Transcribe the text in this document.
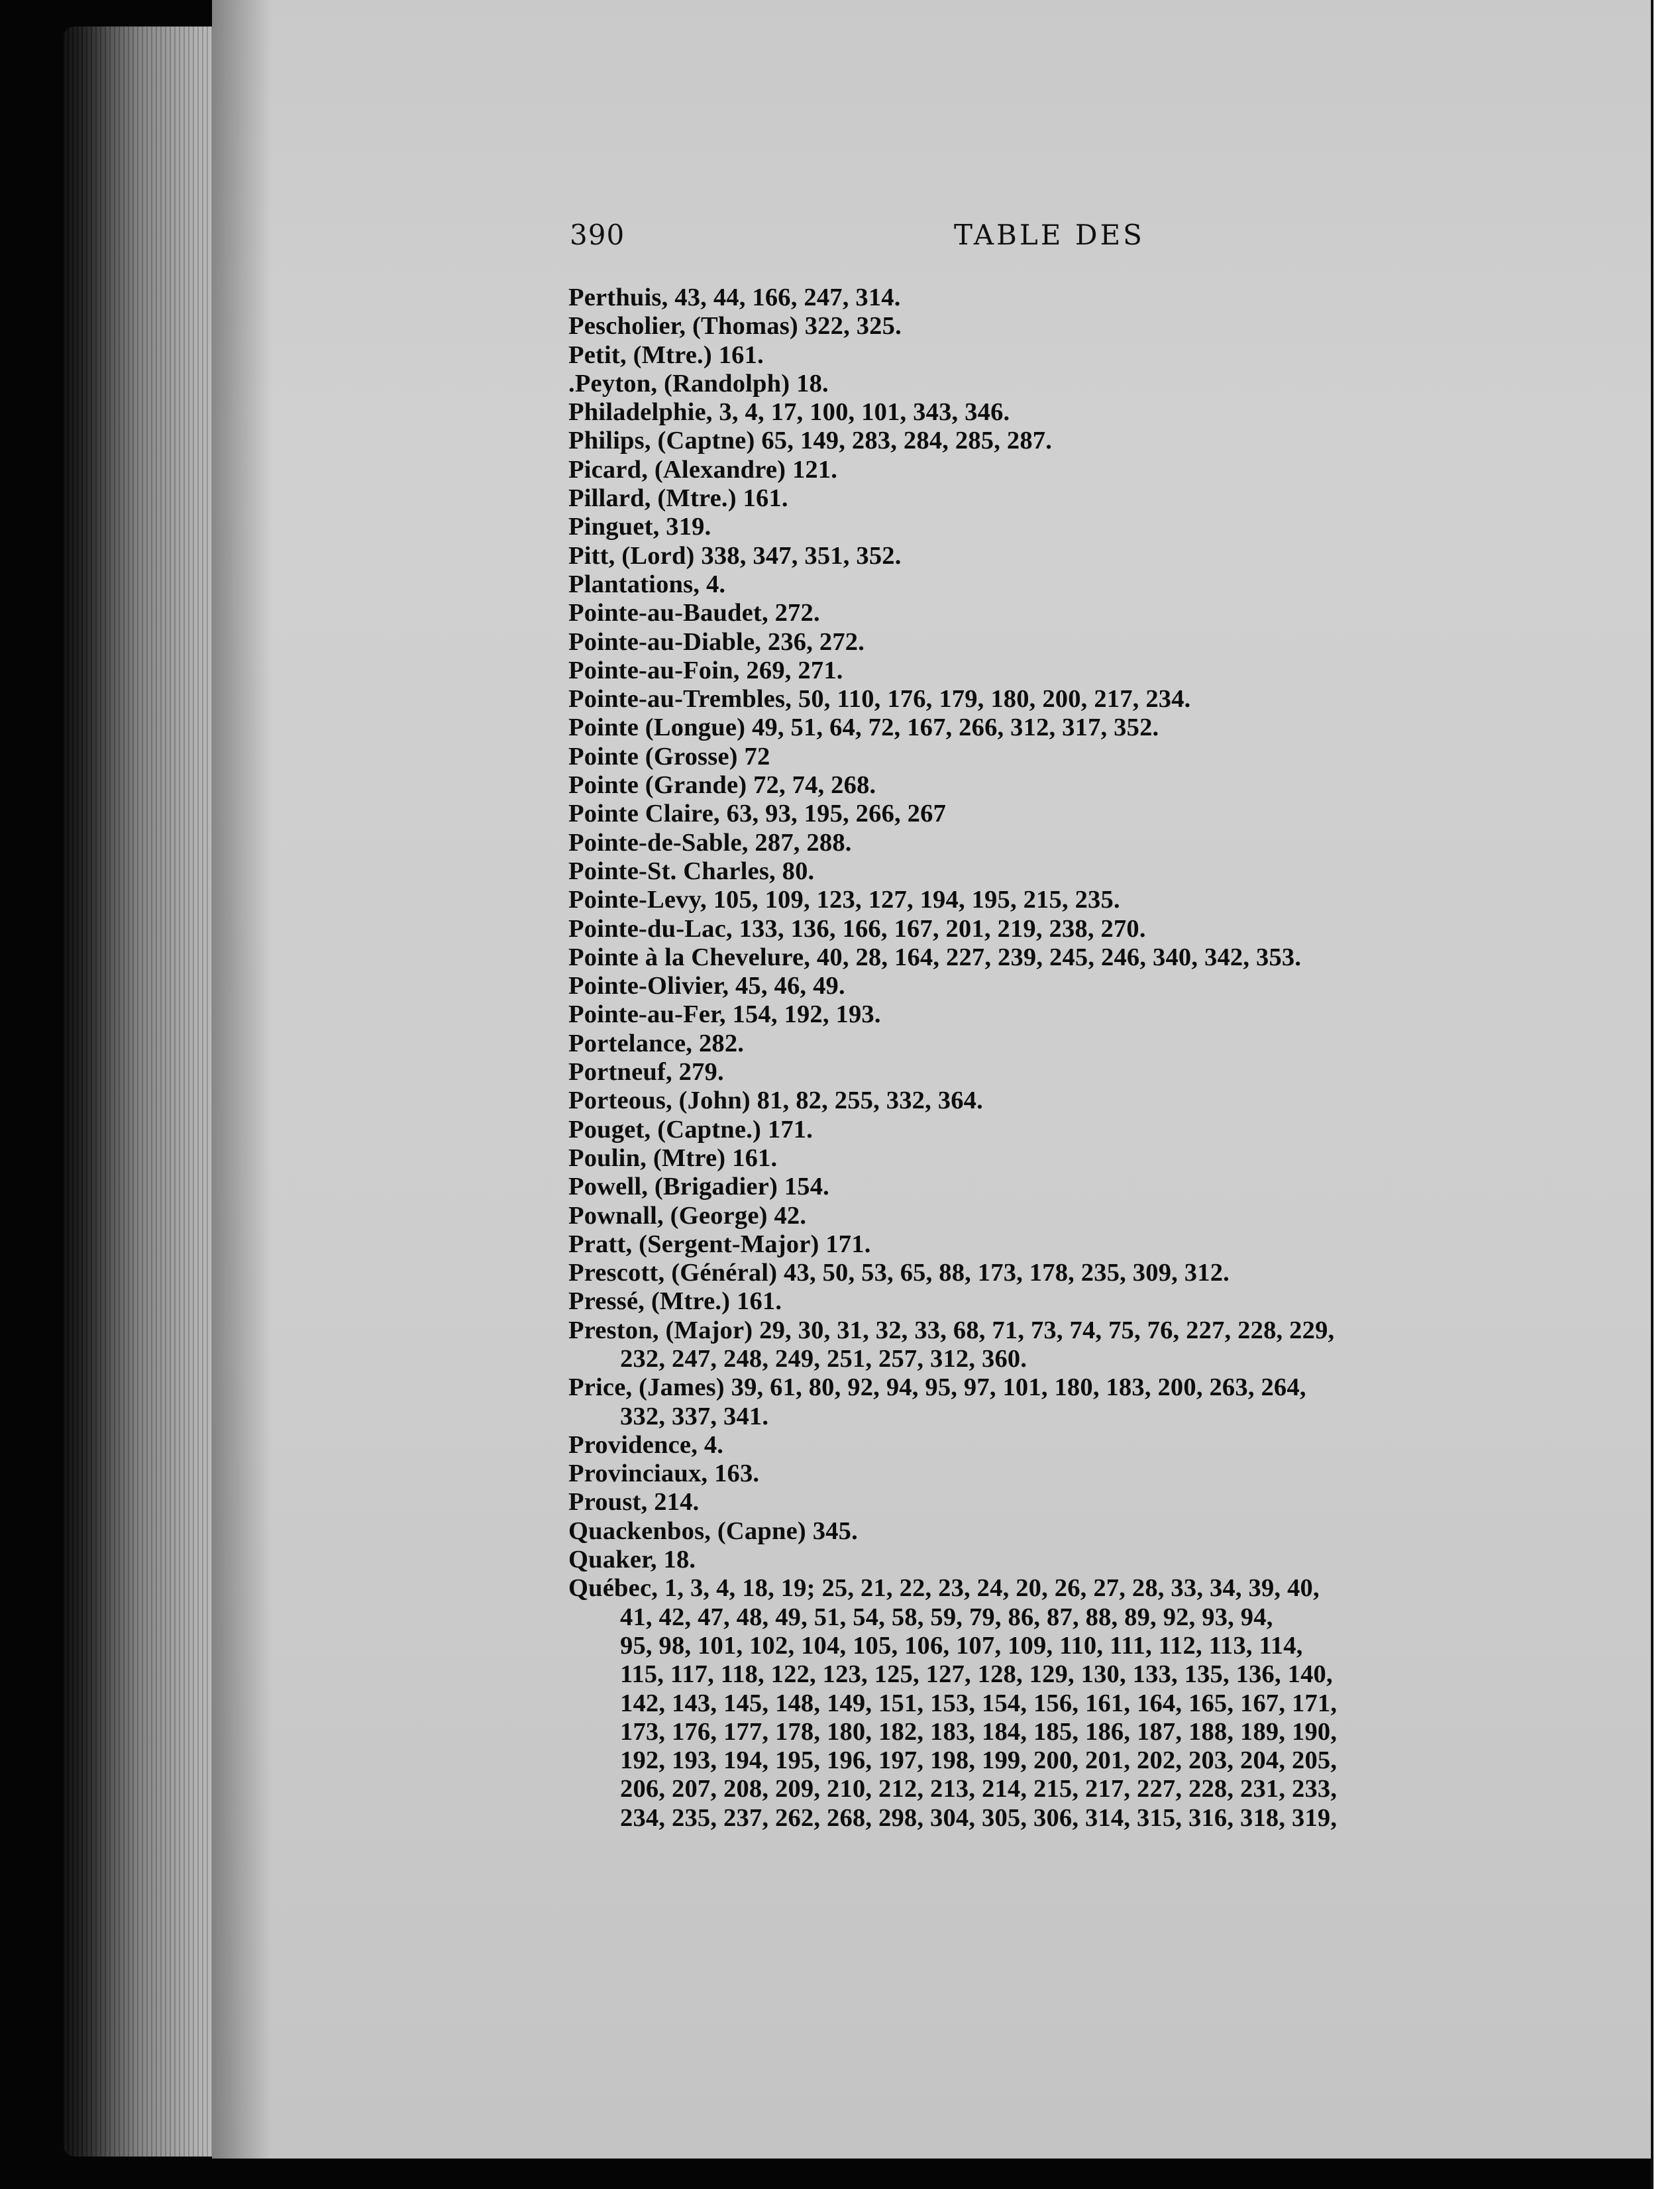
390	TABLE DES
Perthuis, 43, 44, 166, 247, 314.
Pescholier, (Thomas) 322, 325.
Petit, (Mtre.) 161.
.Peyton, (Randolph) 18.
Philadelphie, 3, 4, 17, 100, 101, 343, 346.
Philips, (Captne) 65, 149, 283, 284, 285, 287.
Picard, (Alexandre) 121.
Pillard, (Mtre.) 161.
Pinguet, 319.
Pitt, (Lord) 338, 347, 351, 352.
Plantations, 4.
Pointe-au-Baudet, 272.
Pointe-au-Diable, 236, 272.
Pointe-au-Foin, 269, 271.
Pointe-au-Trembles, 50, 110, 176, 179, 180, 200, 217, 234.
Pointe (Longue) 49, 51, 64, 72, 167, 266, 312, 317, 352.
Pointe (Grosse) 72
Pointe (Grande) 72, 74, 268.
Pointe Claire, 63, 93, 195, 266, 267
Pointe-de-Sable, 287, 288.
Pointe-St. Charles, 80.
Pointe-Levy, 105, 109, 123, 127, 194, 195, 215, 235.
Pointe-du-Lac, 133, 136, 166, 167, 201, 219, 238, 270.
Pointe à la Chevelure, 40, 28, 164, 227, 239, 245, 246, 340, 342, 353.
Pointe-Olivier, 45, 46, 49.
Pointe-au-Fer, 154, 192, 193.
Portelance, 282.
Portneuf, 279.
Porteous, (John) 81, 82, 255, 332, 364.
Pouget, (Captne.) 171.
Poulin, (Mtre) 161.
Powell, (Brigadier) 154.
Pownall, (George) 42.
Pratt, (Sergent-Major) 171.
Prescott, (Général) 43, 50, 53, 65, 88, 173, 178, 235, 309, 312.
Pressé, (Mtre.) 161.
Preston, (Major) 29, 30, 31, 32, 33, 68, 71, 73, 74, 75, 76, 227, 228, 229,
232, 247, 248, 249, 251, 257, 312, 360.
Price, (James) 39, 61, 80, 92, 94, 95, 97, 101, 180, 183, 200, 263, 264,
332, 337, 341.
Providence, 4.
Provinciaux, 163.
Proust, 214.
Quackenbos, (Capne) 345.
Quaker, 18.
Québec, 1, 3, 4, 18, 19; 25, 21, 22, 23, 24, 20, 26, 27, 28, 33, 34, 39, 40,
41, 42, 47, 48, 49, 51, 54, 58, 59, 79, 86, 87, 88, 89, 92, 93, 94,
95, 98, 101, 102, 104, 105, 106, 107, 109, 110, 111, 112, 113, 114,
115, 117, 118, 122, 123, 125, 127, 128, 129, 130, 133, 135, 136, 140,
142, 143, 145, 148, 149, 151, 153, 154, 156, 161, 164, 165, 167, 171,
173, 176, 177, 178, 180, 182, 183, 184, 185, 186, 187, 188, 189, 190,
192, 193, 194, 195, 196, 197, 198, 199, 200, 201, 202, 203, 204, 205,
206, 207, 208, 209, 210, 212, 213, 214, 215, 217, 227, 228, 231, 233,
234, 235, 237, 262, 268, 298, 304, 305, 306, 314, 315, 316, 318, 319,
